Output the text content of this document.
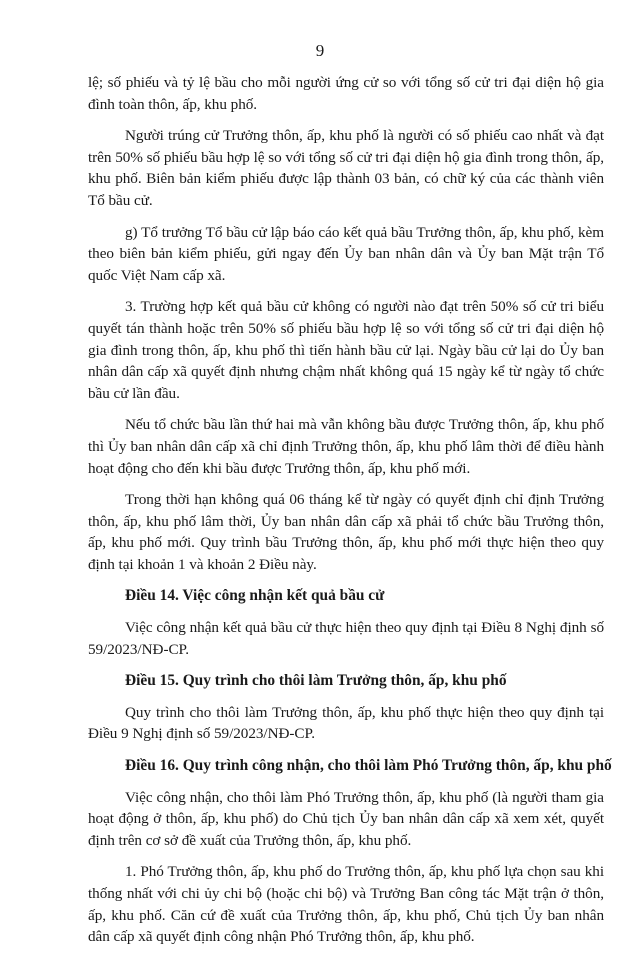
9

lệ; số phiếu và tỷ lệ bầu cho mỗi người ứng cử so với tổng số cử tri đại diện hộ gia đình toàn thôn, ấp, khu phố.

Người trúng cử Trưởng thôn, ấp, khu phố là người có số phiếu cao nhất và đạt trên 50% số phiếu bầu hợp lệ so với tổng số cử tri đại diện hộ gia đình trong thôn, ấp, khu phố. Biên bản kiểm phiếu được lập thành 03 bản, có chữ ký của các thành viên Tổ bầu cử.

g) Tổ trưởng Tổ bầu cử lập báo cáo kết quả bầu Trưởng thôn, ấp, khu phố, kèm theo biên bản kiểm phiếu, gửi ngay đến Ủy ban nhân dân và Ủy ban Mặt trận Tổ quốc Việt Nam cấp xã.

3. Trường hợp kết quả bầu cử không có người nào đạt trên 50% số cử tri biểu quyết tán thành hoặc trên 50% số phiếu bầu hợp lệ so với tổng số cử tri đại diện hộ gia đình trong thôn, ấp, khu phố thì tiến hành bầu cử lại. Ngày bầu cử lại do Ủy ban nhân dân cấp xã quyết định nhưng chậm nhất không quá 15 ngày kể từ ngày tổ chức bầu cử lần đầu.

Nếu tổ chức bầu lần thứ hai mà vẫn không bầu được Trưởng thôn, ấp, khu phố thì Ủy ban nhân dân cấp xã chỉ định Trưởng thôn, ấp, khu phố lâm thời để điều hành hoạt động cho đến khi bầu được Trưởng thôn, ấp, khu phố mới.

Trong thời hạn không quá 06 tháng kể từ ngày có quyết định chỉ định Trưởng thôn, ấp, khu phố lâm thời, Ủy ban nhân dân cấp xã phải tổ chức bầu Trưởng thôn, ấp, khu phố mới. Quy trình bầu Trưởng thôn, ấp, khu phố mới thực hiện theo quy định tại khoản 1 và khoản 2 Điều này.

Điều 14. Việc công nhận kết quả bầu cử

Việc công nhận kết quả bầu cử thực hiện theo quy định tại Điều 8 Nghị định số 59/2023/NĐ-CP.

Điều 15. Quy trình cho thôi làm Trưởng thôn, ấp, khu phố

Quy trình cho thôi làm Trưởng thôn, ấp, khu phố thực hiện theo quy định tại Điều 9 Nghị định số 59/2023/NĐ-CP.

Điều 16. Quy trình công nhận, cho thôi làm Phó Trưởng thôn, ấp, khu phố

Việc công nhận, cho thôi làm Phó Trưởng thôn, ấp, khu phố (là người tham gia hoạt động ở thôn, ấp, khu phố) do Chủ tịch Ủy ban nhân dân cấp xã xem xét, quyết định trên cơ sở đề xuất của Trưởng thôn, ấp, khu phố.

1. Phó Trưởng thôn, ấp, khu phố do Trưởng thôn, ấp, khu phố lựa chọn sau khi thống nhất với chi ủy chi bộ (hoặc chi bộ) và Trưởng Ban công tác Mặt trận ở thôn, ấp, khu phố. Căn cứ đề xuất của Trưởng thôn, ấp, khu phố, Chủ tịch Ủy ban nhân dân cấp xã quyết định công nhận Phó Trưởng thôn, ấp, khu phố.
